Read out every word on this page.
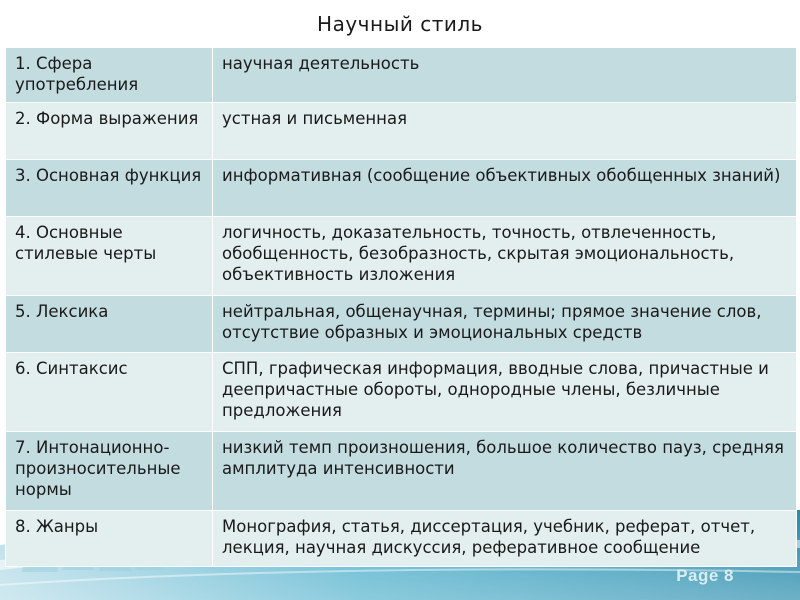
Научный стиль
1. Сфера употребления	научная деятельность
2. Форма выражения	устная и письменная
3. Основная функция	информативная (сообщение объективных обобщенных знаний)
4. Основные стилевые черты	логичность, доказательность, точность, отвлеченность, обобщенность, безобразность, скрытая эмоциональность, объективность изложения
5. Лексика	нейтральная, общенаучная, термины; прямое значение слов, отсутствие образных и эмоциональных средств
6. Синтаксис	СПП, графическая информация, вводные слова, причастные и деепричастные обороты, однородные члены, безличные предложения
7. Интонационно-произносительные нормы	низкий темп произношения, большое количество пауз, средняя амплитуда интенсивности
8. Жанры	Монография, статья, диссертация, учебник, реферат, отчет, лекция, научная дискуссия, реферативное сообщение
Page 8
